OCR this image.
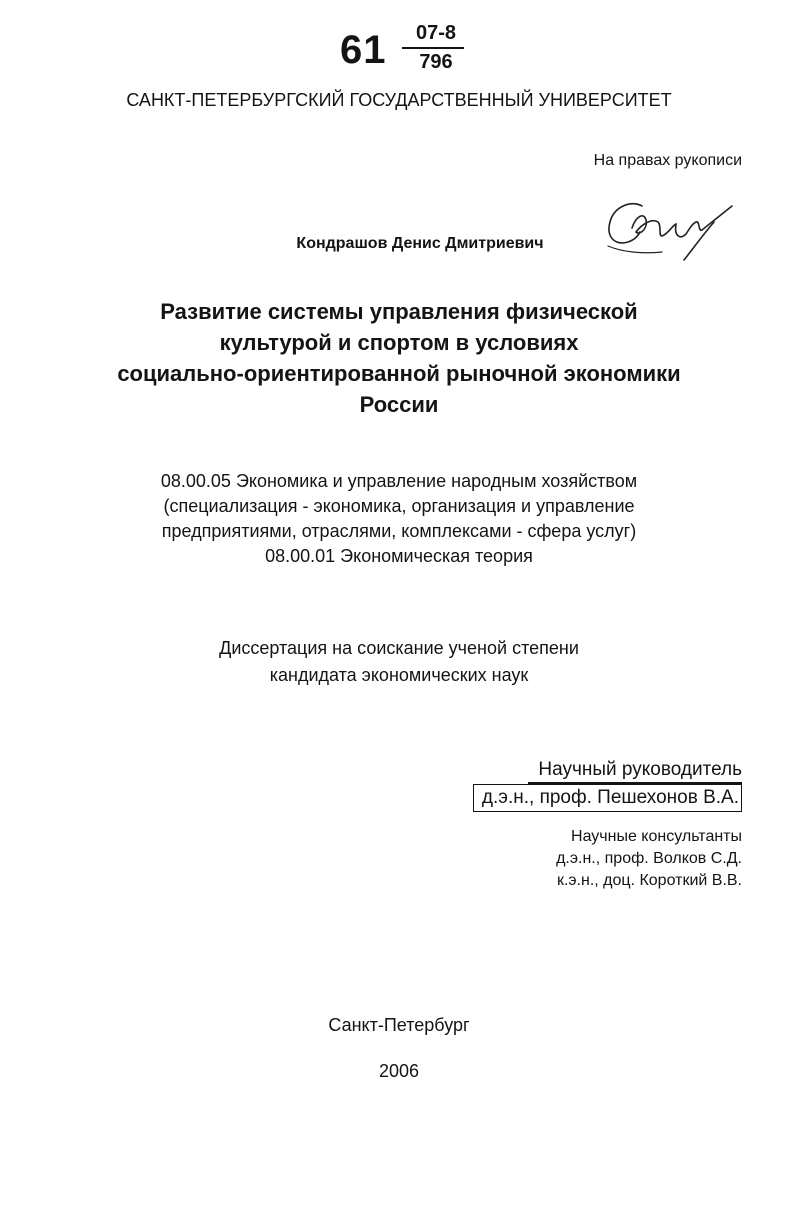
61	07-8
796
САНКТ-ПЕТЕРБУРГСКИЙ ГОСУДАРСТВЕННЫЙ УНИВЕРСИТЕТ
На правах рукописи
Кондрашов Денис Дмитриевич
Развитие системы управления физической
культурой и спортом в условиях
социально-ориентированной рыночной экономики
России
08.00.05 Экономика и управление народным хозяйством
(специализация - экономика, организация и управление
предприятиями, отраслями, комплексами - сфера услуг)
08.00.01 Экономическая теория
Диссертация на соискание ученой степени
кандидата экономических наук
Научный руководитель
д.э.н., проф. Пешехонов В.А.
Научные консультанты
д.э.н., проф. Волков С.Д.
к.э.н., доц. Короткий В.В.
Санкт-Петербург
2006
